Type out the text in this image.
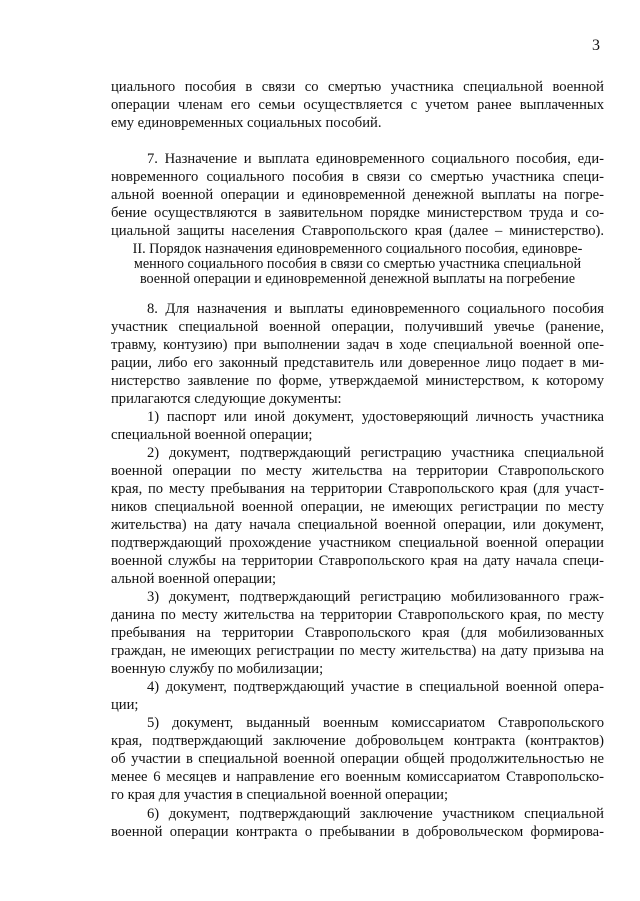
3
циального пособия в связи со смертью участника специальной военной
операции членам его семьи осуществляется с учетом ранее выплаченных
ему единовременных социальных пособий.
7. Назначение и выплата единовременного социального пособия, еди-
новременного социального пособия в связи со смертью участника специ-
альной военной операции и единовременной денежной выплаты на погре-
бение осуществляются в заявительном порядке министерством труда и со-
циальной защиты населения Ставропольского края (далее – министерство).
II. Порядок назначения единовременного социального пособия, единовре-
менного социального пособия в связи со смертью участника специальной
военной операции и единовременной денежной выплаты на погребение
8. Для назначения и выплаты единовременного социального пособия
участник специальной военной операции, получивший увечье (ранение,
травму, контузию) при выполнении задач в ходе специальной военной опе-
рации, либо его законный представитель или доверенное лицо подает в ми-
нистерство заявление по форме, утверждаемой министерством, к которому
прилагаются следующие документы:
1) паспорт или иной документ, удостоверяющий личность участника
специальной военной операции;
2) документ, подтверждающий регистрацию участника специальной
военной операции по месту жительства на территории Ставропольского
края, по месту пребывания на территории Ставропольского края (для участ-
ников специальной военной операции, не имеющих регистрации по месту
жительства) на дату начала специальной военной операции, или документ,
подтверждающий прохождение участником специальной военной операции
военной службы на территории Ставропольского края на дату начала специ-
альной военной операции;
3) документ, подтверждающий регистрацию мобилизованного граж-
данина по месту жительства на территории Ставропольского края, по месту
пребывания на территории Ставропольского края (для мобилизованных
граждан, не имеющих регистрации по месту жительства) на дату призыва на
военную службу по мобилизации;
4) документ, подтверждающий участие в специальной военной опера-
ции;
5) документ, выданный военным комиссариатом Ставропольского
края, подтверждающий заключение добровольцем контракта (контрактов)
об участии в специальной военной операции общей продолжительностью не
менее 6 месяцев и направление его военным комиссариатом Ставропольско-
го края для участия в специальной военной операции;
6) документ, подтверждающий заключение участником специальной
военной операции контракта о пребывании в добровольческом формирова-
